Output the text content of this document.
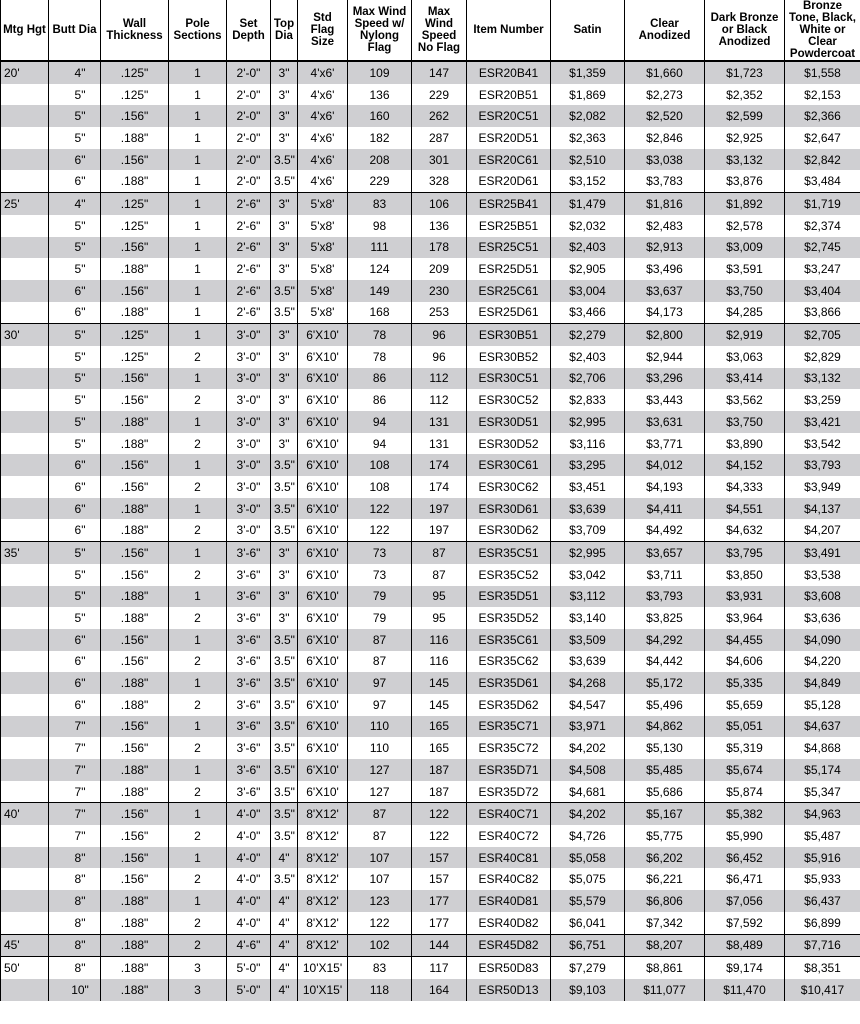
Mtg Hgt	Butt Dia	Wall Thickness	Pole Sections	Set Depth	Top Dia	Std Flag Size	Max Wind Speed w/ Nylong Flag	Max Wind Speed No Flag	Item Number	Satin	Clear Anodized	Dark Bronze or Black Anodized	Bronze Tone, Black, White or Clear Powdercoat
20'	4"	.125"	1	2'-0"	3"	4'x6'	109	147	ESR20B41	$1,359	$1,660	$1,723	$1,558
	5"	.125"	1	2'-0"	3"	4'x6'	136	229	ESR20B51	$1,869	$2,273	$2,352	$2,153
	5"	.156"	1	2'-0"	3"	4'x6'	160	262	ESR20C51	$2,082	$2,520	$2,599	$2,366
	5"	.188"	1	2'-0"	3"	4'x6'	182	287	ESR20D51	$2,363	$2,846	$2,925	$2,647
	6"	.156"	1	2'-0"	3.5"	4'x6'	208	301	ESR20C61	$2,510	$3,038	$3,132	$2,842
	6"	.188"	1	2'-0"	3.5"	4'x6'	229	328	ESR20D61	$3,152	$3,783	$3,876	$3,484
25'	4"	.125"	1	2'-6"	3"	5'x8'	83	106	ESR25B41	$1,479	$1,816	$1,892	$1,719
	5"	.125"	1	2'-6"	3"	5'x8'	98	136	ESR25B51	$2,032	$2,483	$2,578	$2,374
	5"	.156"	1	2'-6"	3"	5'x8'	111	178	ESR25C51	$2,403	$2,913	$3,009	$2,745
	5"	.188"	1	2'-6"	3"	5'x8'	124	209	ESR25D51	$2,905	$3,496	$3,591	$3,247
	6"	.156"	1	2'-6"	3.5"	5'x8'	149	230	ESR25C61	$3,004	$3,637	$3,750	$3,404
	6"	.188"	1	2'-6"	3.5"	5'x8'	168	253	ESR25D61	$3,466	$4,173	$4,285	$3,866
30'	5"	.125"	1	3'-0"	3"	6'X10'	78	96	ESR30B51	$2,279	$2,800	$2,919	$2,705
	5"	.125"	2	3'-0"	3"	6'X10'	78	96	ESR30B52	$2,403	$2,944	$3,063	$2,829
	5"	.156"	1	3'-0"	3"	6'X10'	86	112	ESR30C51	$2,706	$3,296	$3,414	$3,132
	5"	.156"	2	3'-0"	3"	6'X10'	86	112	ESR30C52	$2,833	$3,443	$3,562	$3,259
	5"	.188"	1	3'-0"	3"	6'X10'	94	131	ESR30D51	$2,995	$3,631	$3,750	$3,421
	5"	.188"	2	3'-0"	3"	6'X10'	94	131	ESR30D52	$3,116	$3,771	$3,890	$3,542
	6"	.156"	1	3'-0"	3.5"	6'X10'	108	174	ESR30C61	$3,295	$4,012	$4,152	$3,793
	6"	.156"	2	3'-0"	3.5"	6'X10'	108	174	ESR30C62	$3,451	$4,193	$4,333	$3,949
	6"	.188"	1	3'-0"	3.5"	6'X10'	122	197	ESR30D61	$3,639	$4,411	$4,551	$4,137
	6"	.188"	2	3'-0"	3.5"	6'X10'	122	197	ESR30D62	$3,709	$4,492	$4,632	$4,207
35'	5"	.156"	1	3'-6"	3"	6'X10'	73	87	ESR35C51	$2,995	$3,657	$3,795	$3,491
	5"	.156"	2	3'-6"	3"	6'X10'	73	87	ESR35C52	$3,042	$3,711	$3,850	$3,538
	5"	.188"	1	3'-6"	3"	6'X10'	79	95	ESR35D51	$3,112	$3,793	$3,931	$3,608
	5"	.188"	2	3'-6"	3"	6'X10'	79	95	ESR35D52	$3,140	$3,825	$3,964	$3,636
	6"	.156"	1	3'-6"	3.5"	6'X10'	87	116	ESR35C61	$3,509	$4,292	$4,455	$4,090
	6"	.156"	2	3'-6"	3.5"	6'X10'	87	116	ESR35C62	$3,639	$4,442	$4,606	$4,220
	6"	.188"	1	3'-6"	3.5"	6'X10'	97	145	ESR35D61	$4,268	$5,172	$5,335	$4,849
	6"	.188"	2	3'-6"	3.5"	6'X10'	97	145	ESR35D62	$4,547	$5,496	$5,659	$5,128
	7"	.156"	1	3'-6"	3.5"	6'X10'	110	165	ESR35C71	$3,971	$4,862	$5,051	$4,637
	7"	.156"	2	3'-6"	3.5"	6'X10'	110	165	ESR35C72	$4,202	$5,130	$5,319	$4,868
	7"	.188"	1	3'-6"	3.5"	6'X10'	127	187	ESR35D71	$4,508	$5,485	$5,674	$5,174
	7"	.188"	2	3'-6"	3.5"	6'X10'	127	187	ESR35D72	$4,681	$5,686	$5,874	$5,347
40'	7"	.156"	1	4'-0"	3.5"	8'X12'	87	122	ESR40C71	$4,202	$5,167	$5,382	$4,963
	7"	.156"	2	4'-0"	3.5"	8'X12'	87	122	ESR40C72	$4,726	$5,775	$5,990	$5,487
	8"	.156"	1	4'-0"	4"	8'X12'	107	157	ESR40C81	$5,058	$6,202	$6,452	$5,916
	8"	.156"	2	4'-0"	3.5"	8'X12'	107	157	ESR40C82	$5,075	$6,221	$6,471	$5,933
	8"	.188"	1	4'-0"	4"	8'X12'	123	177	ESR40D81	$5,579	$6,806	$7,056	$6,437
	8"	.188"	2	4'-0"	4"	8'X12'	122	177	ESR40D82	$6,041	$7,342	$7,592	$6,899
45'	8"	.188"	2	4'-6"	4"	8'X12'	102	144	ESR45D82	$6,751	$8,207	$8,489	$7,716
50'	8"	.188"	3	5'-0"	4"	10'X15'	83	117	ESR50D83	$7,279	$8,861	$9,174	$8,351
	10"	.188"	3	5'-0"	4"	10'X15'	118	164	ESR50D13	$9,103	$11,077	$11,470	$10,417
